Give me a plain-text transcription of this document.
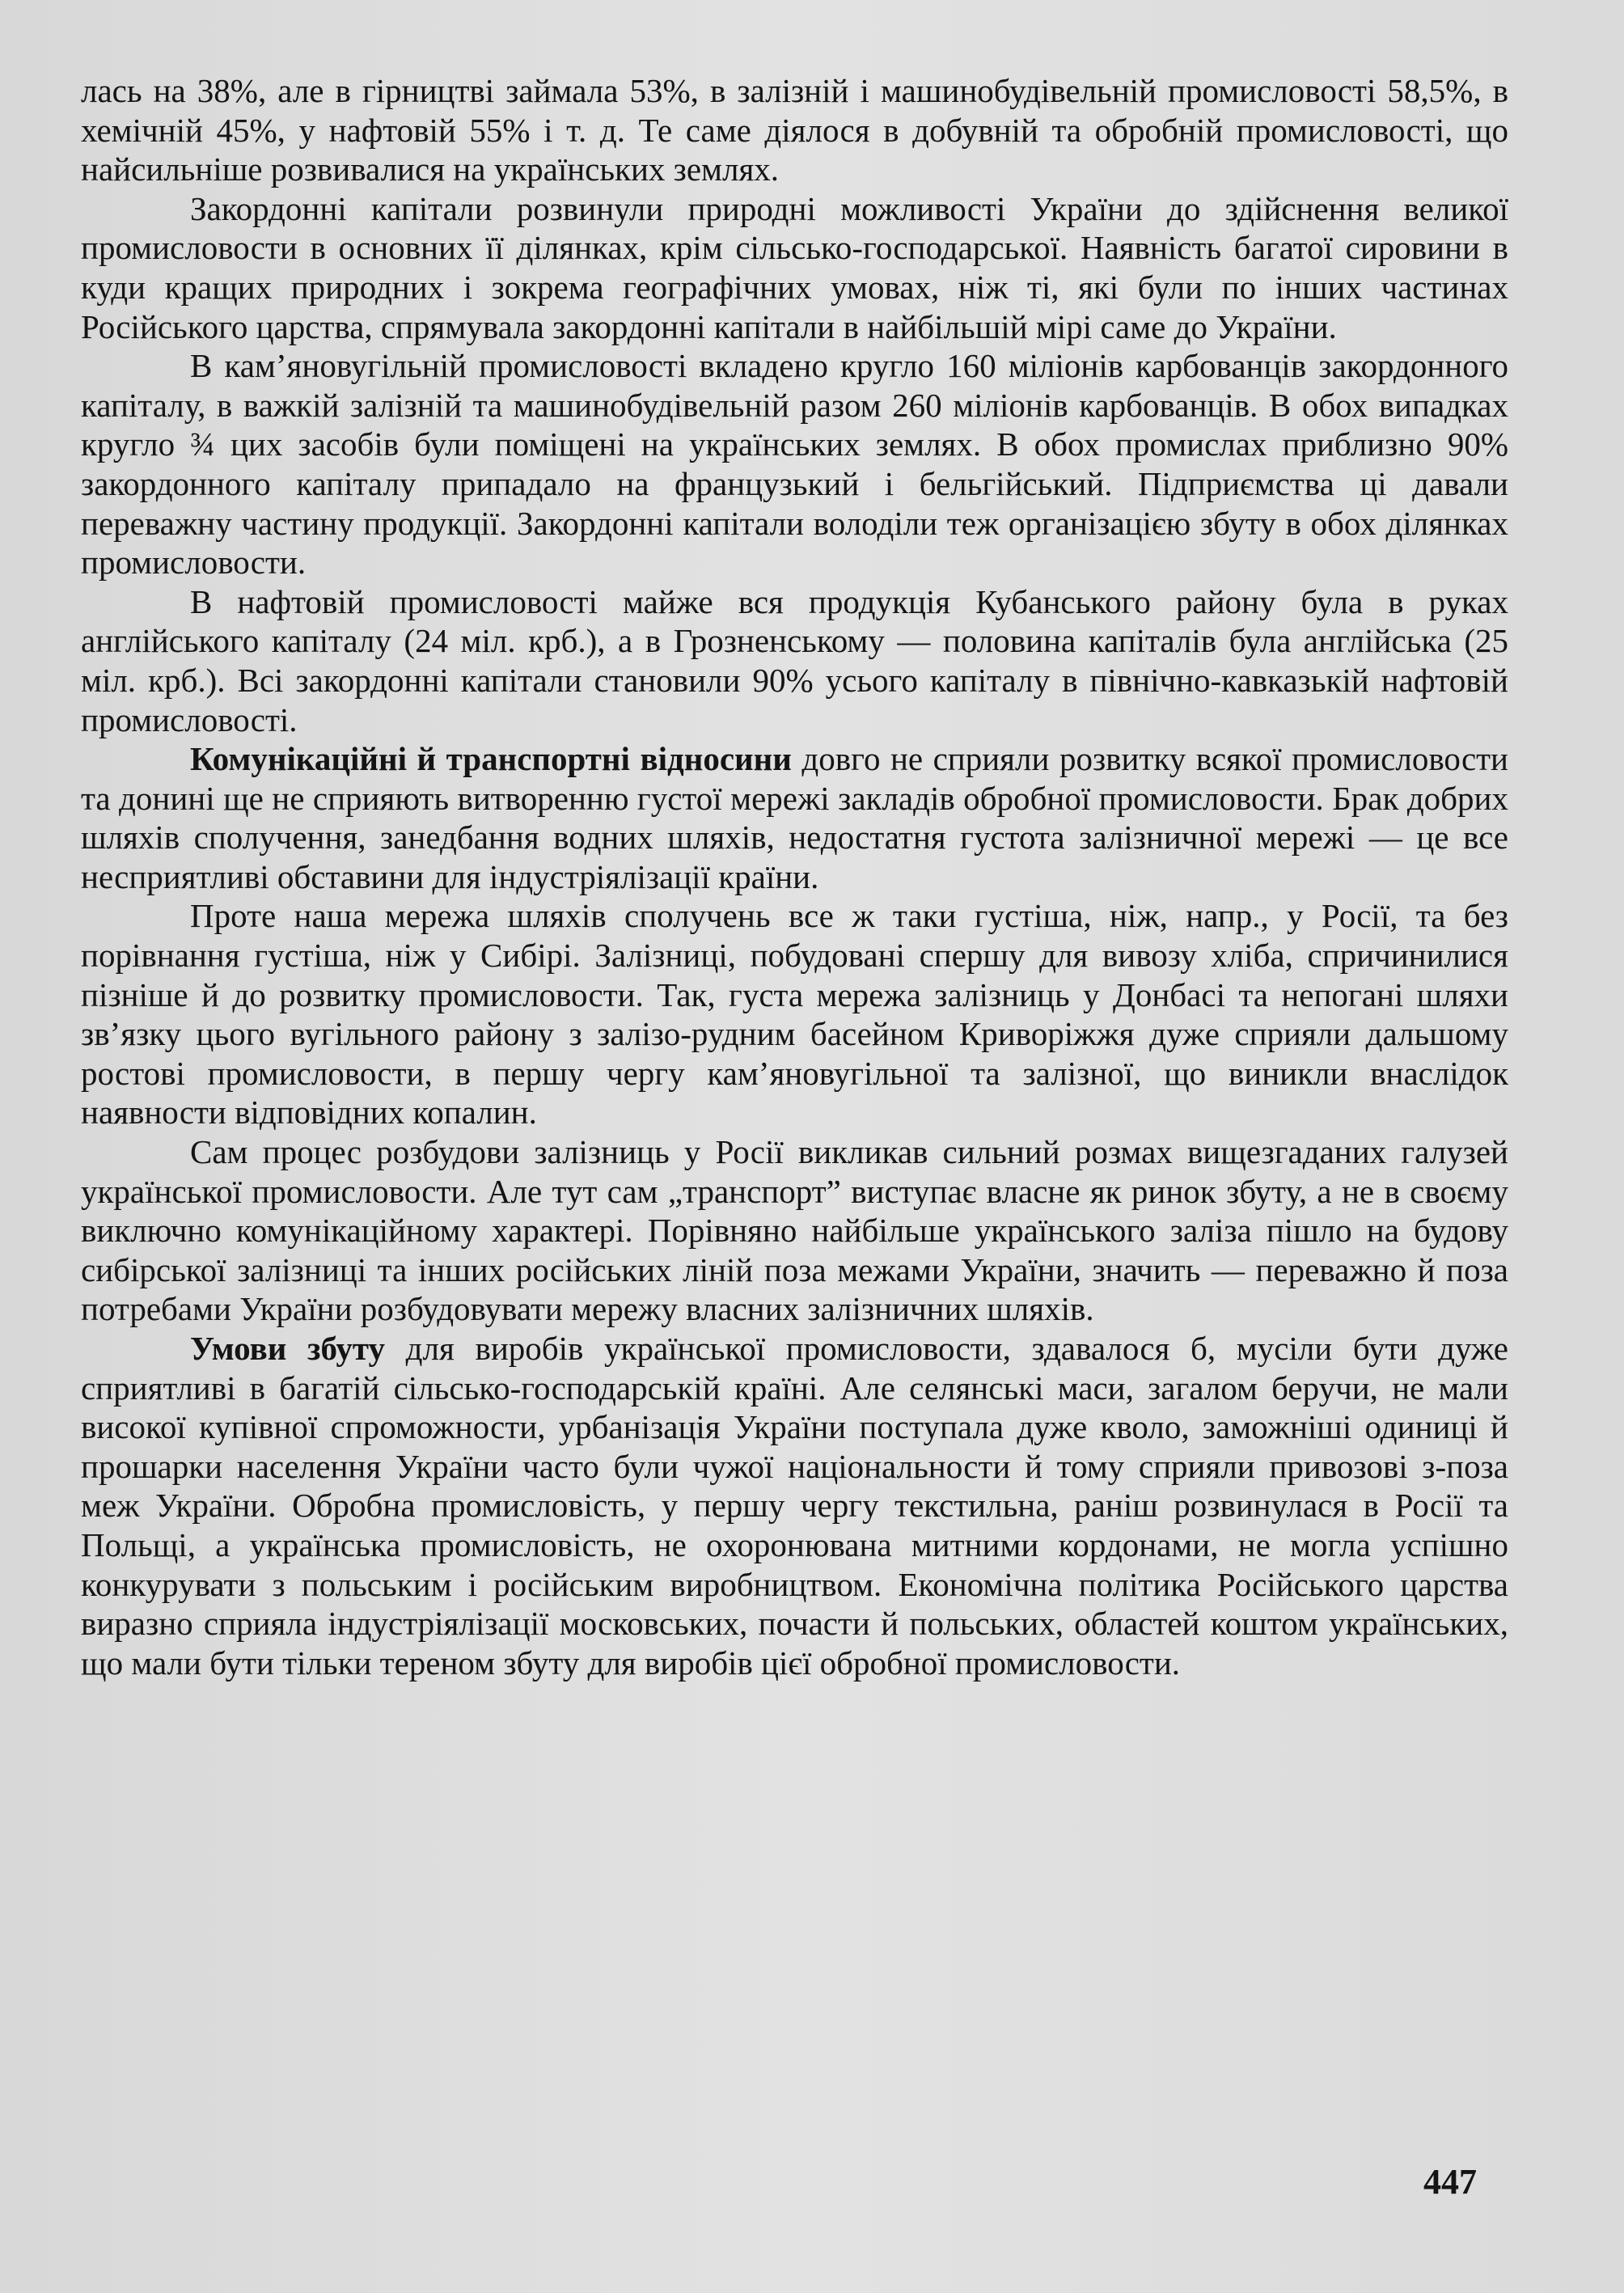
лась на 38%, але в гірництві займала 53%, в залізній і машинобудівельній промисловості 58,5%, в хемічній 45%, у нафтовій 55% і т. д. Те саме діялося в добувній та обробній промисловості, що найсильніше розвивалися на українських землях.

Закордонні капітали розвинули природні можливості України до здійснення великої промисловости в основних її ділянках, крім сільсько-господарської. Наявність багатої сировини в куди кращих природних і зокрема географічних умовах, ніж ті, які були по інших частинах Російського царства, спрямувала закордонні капітали в найбільшій мірі саме до України.

В кам’яновугільній промисловості вкладено кругло 160 міліонів карбованців закордонного капіталу, в важкій залізній та машинобудівельній разом 260 міліонів карбованців. В обох випадках кругло ¾ цих засобів були поміщені на українських землях. В обох промислах приблизно 90% закордонного капіталу припадало на французький і бельгійський. Підприємства ці давали переважну частину продукції. Закордонні капітали володіли теж організацією збуту в обох ділянках промисловости.

В нафтовій промисловості майже вся продукція Кубанського району була в руках англійського капіталу (24 міл. крб.), а в Грозненському — половина капіталів була англійська (25 міл. крб.). Всі закордонні капітали становили 90% усього капіталу в північно-кавказькій нафтовій промисловості.

Комунікаційні й транспортні відносини довго не сприяли розвитку всякої промисловости та донині ще не сприяють витворенню густої мережі закладів обробної промисловости. Брак добрих шляхів сполучення, занедбання водних шляхів, недостатня густота залізничної мережі — це все несприятливі обставини для індустріялізації країни.

Проте наша мережа шляхів сполучень все ж таки густіша, ніж, напр., у Росії, та без порівнання густіша, ніж у Сибірі. Залізниці, побудовані спершу для вивозу хліба, спричинилися пізніше й до розвитку промисловости. Так, густа мережа залізниць у Донбасі та непогані шляхи зв’язку цього вугільного району з залізо-рудним басейном Криворіжжя дуже сприяли дальшому ростові промисловости, в першу чергу кам’яновугільної та залізної, що виникли внаслідок наявности відповідних копалин.

Сам процес розбудови залізниць у Росії викликав сильний розмах вищезгаданих галузей української промисловости. Але тут сам „транспорт” виступає власне як ринок збуту, а не в своєму виключно комунікаційному характері. Порівняно найбільше українського заліза пішло на будову сибірської залізниці та інших російських ліній поза межами України, значить — переважно й поза потребами України розбудовувати мережу власних залізничних шляхів.

Умови збуту для виробів української промисловости, здавалося б, мусіли бути дуже сприятливі в багатій сільсько-господарській країні. Але селянські маси, загалом беручи, не мали високої купівної спроможности, урбанізація України поступала дуже кволо, заможніші одиниці й прошарки населення України часто були чужої національности й тому сприяли привозові з-поза меж України. Обробна промисловість, у першу чергу текстильна, раніш розвинулася в Росії та Польщі, а українська промисловість, не охоронювана митними кордонами, не могла успішно конкурувати з польським і російським виробництвом. Економічна політика Російського царства виразно сприяла індустріялізації московських, почасти й польських, областей коштом українських, що мали бути тільки тереном збуту для виробів цієї обробної промисловости.

447
